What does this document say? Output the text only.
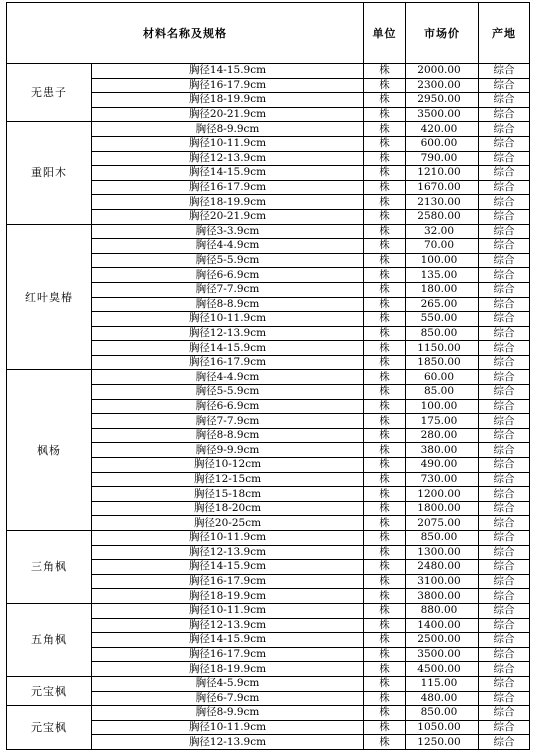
材料名称及规格		单位	市场价	产地
无患子	胸径14-15.9cm	株	2000.00	综合
	胸径16-17.9cm	株	2300.00	综合
	胸径18-19.9cm	株	2950.00	综合
	胸径20-21.9cm	株	3500.00	综合
重阳木	胸径8-9.9cm	株	420.00	综合
	胸径10-11.9cm	株	600.00	综合
	胸径12-13.9cm	株	790.00	综合
	胸径14-15.9cm	株	1210.00	综合
	胸径16-17.9cm	株	1670.00	综合
	胸径18-19.9cm	株	2130.00	综合
	胸径20-21.9cm	株	2580.00	综合
红叶臭椿	胸径3-3.9cm	株	32.00	综合
	胸径4-4.9cm	株	70.00	综合
	胸径5-5.9cm	株	100.00	综合
	胸径6-6.9cm	株	135.00	综合
	胸径7-7.9cm	株	180.00	综合
	胸径8-8.9cm	株	265.00	综合
	胸径10-11.9cm	株	550.00	综合
	胸径12-13.9cm	株	850.00	综合
	胸径14-15.9cm	株	1150.00	综合
	胸径16-17.9cm	株	1850.00	综合
枫杨	胸径4-4.9cm	株	60.00	综合
	胸径5-5.9cm	株	85.00	综合
	胸径6-6.9cm	株	100.00	综合
	胸径7-7.9cm	株	175.00	综合
	胸径8-8.9cm	株	280.00	综合
	胸径9-9.9cm	株	380.00	综合
	胸径10-12cm	株	490.00	综合
	胸径12-15cm	株	730.00	综合
	胸径15-18cm	株	1200.00	综合
	胸径18-20cm	株	1800.00	综合
	胸径20-25cm	株	2075.00	综合
三角枫	胸径10-11.9cm	株	850.00	综合
	胸径12-13.9cm	株	1300.00	综合
	胸径14-15.9cm	株	2480.00	综合
	胸径16-17.9cm	株	3100.00	综合
	胸径18-19.9cm	株	3800.00	综合
五角枫	胸径10-11.9cm	株	880.00	综合
	胸径12-13.9cm	株	1400.00	综合
	胸径14-15.9cm	株	2500.00	综合
	胸径16-17.9cm	株	3500.00	综合
	胸径18-19.9cm	株	4500.00	综合
元宝枫	胸径4-5.9cm	株	115.00	综合
	胸径6-7.9cm	株	480.00	综合
元宝枫	胸径8-9.9cm	株	850.00	综合
	胸径10-11.9cm	株	1050.00	综合
	胸径12-13.9cm	株	1250.00	综合
